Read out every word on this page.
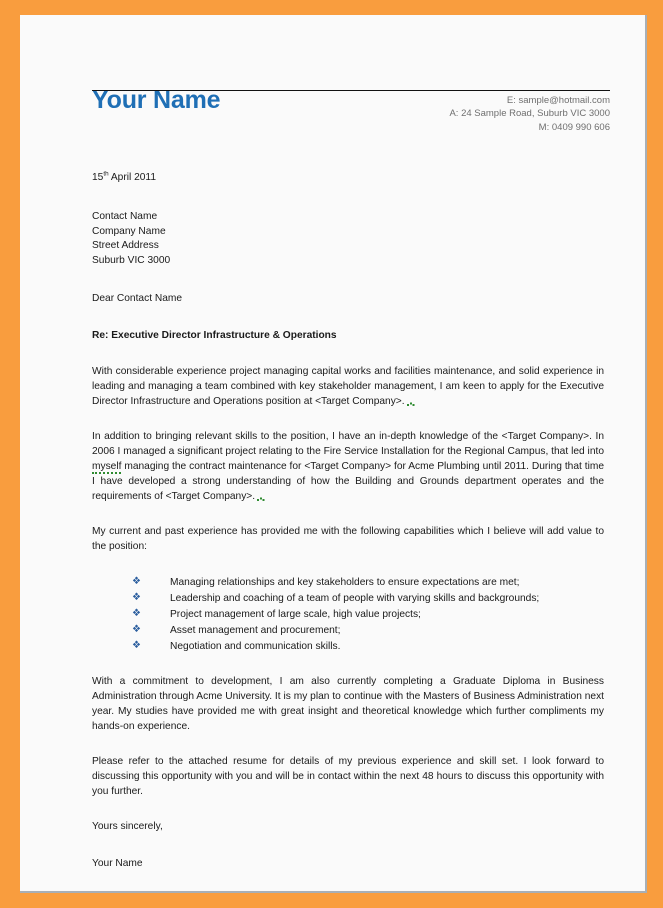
Your Name	E: sample@hotmail.com
A: 24 Sample Road, Suburb VIC 3000
M: 0409 990 606
15th April 2011
Contact Name
Company Name
Street Address
Suburb VIC 3000
Dear Contact Name
Re: Executive Director Infrastructure & Operations

With considerable experience project managing capital works and facilities maintenance, and solid experience in leading and managing a team combined with key stakeholder management, I am keen to apply for the Executive Director Infrastructure and Operations position at <Target Company>.

In addition to bringing relevant skills to the position, I have an in-depth knowledge of the <Target Company>. In 2006 I managed a significant project relating to the Fire Service Installation for the Regional Campus, that led into myself managing the contract maintenance for <Target Company> for Acme Plumbing until 2011. During that time I have developed a strong understanding of how the Building and Grounds department operates and the requirements of <Target Company>.

My current and past experience has provided me with the following capabilities which I believe will add value to the position:

❖	Managing relationships and key stakeholders to ensure expectations are met;
❖	Leadership and coaching of a team of people with varying skills and backgrounds;
❖	Project management of large scale, high value projects;
❖	Asset management and procurement;
❖	Negotiation and communication skills.

With a commitment to development, I am also currently completing a Graduate Diploma in Business Administration through Acme University. It is my plan to continue with the Masters of Business Administration next year. My studies have provided me with great insight and theoretical knowledge which further compliments my hands-on experience.

Please refer to the attached resume for details of my previous experience and skill set. I look forward to discussing this opportunity with you and will be in contact within the next 48 hours to discuss this opportunity with you further.

Yours sincerely,
Your Name
